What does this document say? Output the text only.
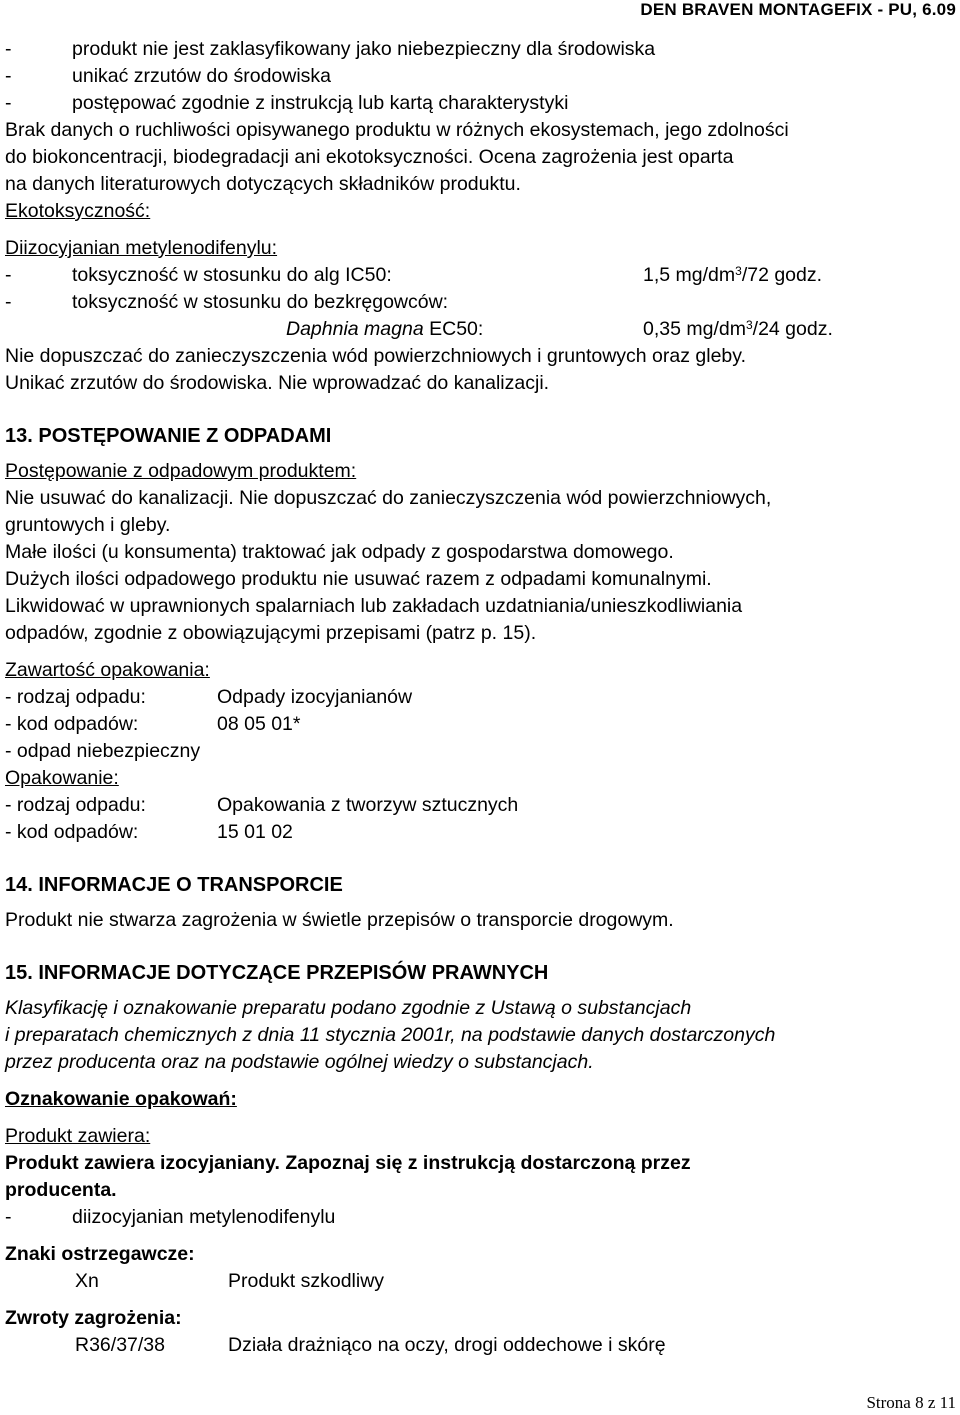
DEN BRAVEN MONTAGEFIX - PU, 6.09
-	produkt nie jest zaklasyfikowany jako niebezpieczny dla środowiska
-	unikać zrzutów do środowiska
-	postępować zgodnie z instrukcją lub kartą charakterystyki
Brak danych o ruchliwości opisywanego produktu w różnych ekosystemach, jego zdolności
do biokoncentracji, biodegradacji ani ekotoksyczności. Ocena zagrożenia jest oparta
na danych literaturowych dotyczących składników produktu.
Ekotoksyczność:
Diizocyjanian metylenodifenylu:
-	toksyczność w stosunku do alg IC50:	1,5 $mg/dm^3/72$ godz.
-	toksyczność w stosunku do bezkręgowców:
Daphnia magna EC50:	0,35 $mg/dm^3/24$ godz.
Nie dopuszczać do zanieczyszczenia wód powierzchniowych i gruntowych oraz gleby.
Unikać zrzutów do środowiska. Nie wprowadzać do kanalizacji.
13. POSTĘPOWANIE Z ODPADAMI
Postępowanie z odpadowym produktem:
Nie usuwać do kanalizacji. Nie dopuszczać do zanieczyszczenia wód powierzchniowych,
gruntowych i gleby.
Małe ilości (u konsumenta) traktować jak odpady z gospodarstwa domowego.
Dużych ilości odpadowego produktu nie usuwać razem z odpadami komunalnymi.
Likwidować w uprawnionych spalarniach lub zakładach uzdatniania/unieszkodliwiania
odpadów, zgodnie z obowiązującymi przepisami (patrz p. 15).
Zawartość opakowania:
- rodzaj odpadu:	Odpady izocyjanianów
- kod odpadów:	08 05 01*
- odpad niebezpieczny
Opakowanie:
- rodzaj odpadu:	Opakowania z tworzyw sztucznych
- kod odpadów:	15 01 02
14. INFORMACJE O TRANSPORCIE
Produkt nie stwarza zagrożenia w świetle przepisów o transporcie drogowym.
15. INFORMACJE DOTYCZĄCE PRZEPISÓW PRAWNYCH
Klasyfikację i oznakowanie preparatu podano zgodnie z Ustawą o substancjach
i preparatach chemicznych z dnia 11 stycznia 2001r, na podstawie danych dostarczonych
przez producenta oraz na podstawie ogólnej wiedzy o substancjach.
Oznakowanie opakowań:
Produkt zawiera:
Produkt zawiera izocyjaniany. Zapoznaj się z instrukcją dostarczoną przez
producenta.
-	diizocyjanian metylenodifenylu
Znaki ostrzegawcze:
Xn	Produkt szkodliwy
Zwroty zagrożenia:
R36/37/38	Działa drażniąco na oczy, drogi oddechowe i skórę
Strona 8 z 11
